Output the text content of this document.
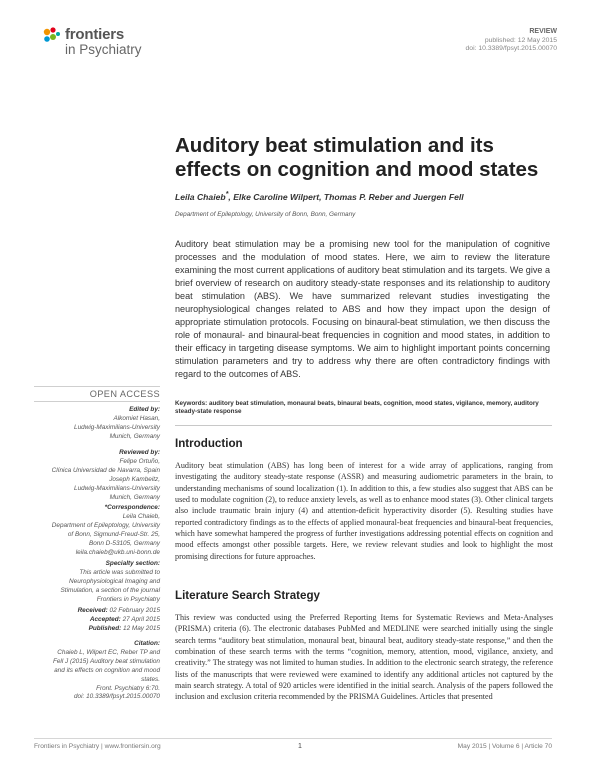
frontiers
in Psychiatry
REVIEW
published: 12 May 2015
doi: 10.3389/fpsyt.2015.00070
Auditory beat stimulation and its effects on cognition and mood states
Leila Chaieb*, Elke Caroline Wilpert, Thomas P. Reber and Juergen Fell
Department of Epileptology, University of Bonn, Bonn, Germany
Auditory beat stimulation may be a promising new tool for the manipulation of cognitive processes and the modulation of mood states. Here, we aim to review the literature examining the most current applications of auditory beat stimulation and its targets. We give a brief overview of research on auditory steady-state responses and its relationship to auditory beat stimulation (ABS). We have summarized relevant studies investigating the neurophysiological changes related to ABS and how they impact upon the design of appropriate stimulation protocols. Focusing on binaural-beat stimulation, we then discuss the role of monaural- and binaural-beat frequencies in cognition and mood states, in addition to their efficacy in targeting disease symptoms. We aim to highlight important points concerning stimulation parameters and try to address why there are often contradictory findings with regard to the outcomes of ABS.
Keywords: auditory beat stimulation, monaural beats, binaural beats, cognition, mood states, vigilance, memory, auditory steady-state response
Introduction
Auditory beat stimulation (ABS) has long been of interest for a wide array of applications, ranging from investigating the auditory steady-state response (ASSR) and measuring audiometric parameters in the brain, to understanding mechanisms of sound localization (1). In addition to this, a few studies also suggest that ABS can be used to modulate cognition (2), to reduce anxiety levels, as well as to enhance mood states (3). Other clinical targets also include traumatic brain injury (4) and attention-deficit hyperactivity disorder (5). Resulting studies have reported contradictory findings as to the effects of applied monaural-beat frequencies and binaural-beat frequencies, which have somewhat hampered the progress of further investigations addressing potential effects on cognition and mood effects amongst other possible targets. Here, we review relevant studies and look to highlight the most promising directions for future approaches.
Literature Search Strategy
This review was conducted using the Preferred Reporting Items for Systematic Reviews and Meta-Analyses (PRISMA) criteria (6). The electronic databases PubMed and MEDLINE were searched initially using the single search terms “auditory beat stimulation, monaural beat, binaural beat, auditory steady-state response,” and then the combination of these search terms with the terms “cognition, memory, attention, mood, vigilance, anxiety, and creativity.” The strategy was not limited to human studies. In addition to the electronic search strategy, the reference lists of the manuscripts that were reviewed were examined to identify any additional articles not captured by the main search strategy. A total of 920 articles were identified in the initial search. Analysis of the papers followed the inclusion and exclusion criteria recommended by the PRISMA Guidelines. Articles that presented
OPEN ACCESS
Edited by:
Alkomiet Hasan,
Ludwig-Maximilians-University
Munich, Germany
Reviewed by:
Felipe Ortuño,
Clínica Universidad de Navarra, Spain
Joseph Kambeitz,
Ludwig-Maximilians-University
Munich, Germany
*Correspondence:
Leila Chaieb,
Department of Epileptology, University
of Bonn, Sigmund-Freud-Str. 25,
Bonn D-53105, Germany
leila.chaieb@ukb.uni-bonn.de
Specialty section:
This article was submitted to
Neurophysiological Imaging and
Stimulation, a section of the journal
Frontiers in Psychiatry
Received: 02 February 2015
Accepted: 27 April 2015
Published: 12 May 2015
Citation:
Chaieb L, Wilpert EC, Reber TP and
Fell J (2015) Auditory beat stimulation
and its effects on cognition and mood
states.
Front. Psychiatry 6:70.
doi: 10.3389/fpsyt.2015.00070
Frontiers in Psychiatry | www.frontiersin.org	1	May 2015 | Volume 6 | Article 70
